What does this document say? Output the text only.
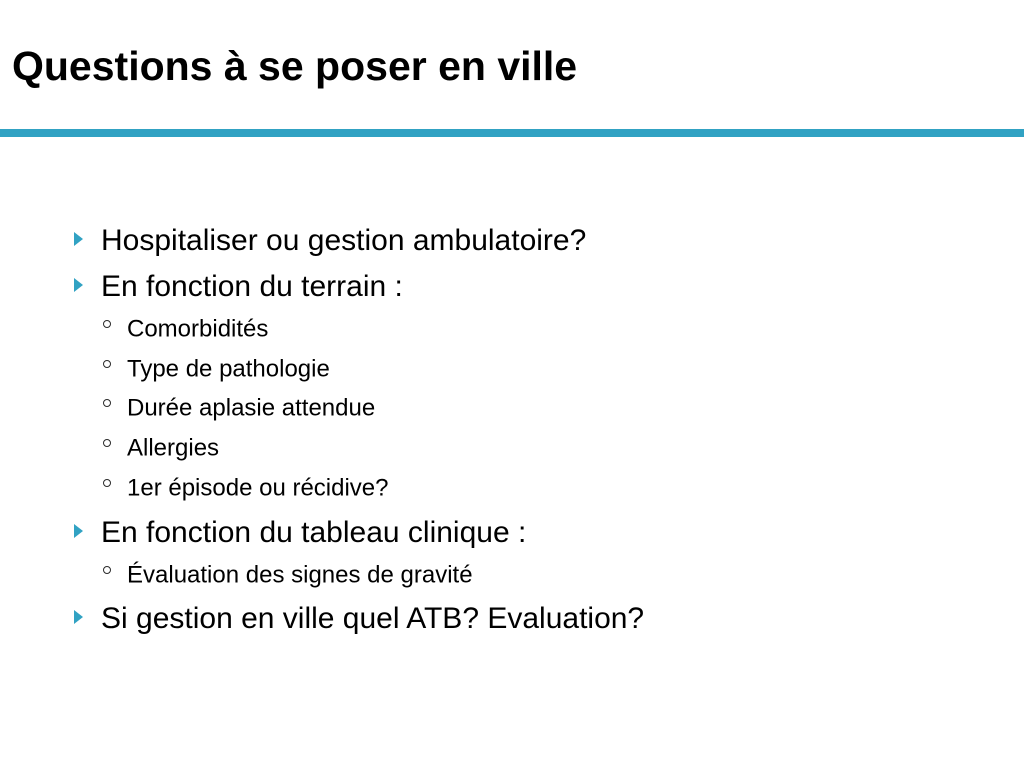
Questions à se poser en ville
Hospitaliser ou gestion ambulatoire?
En fonction du terrain :
Comorbidités
Type de pathologie
Durée aplasie attendue
Allergies
1er épisode ou récidive?
En fonction du tableau clinique :
Évaluation des signes de gravité
Si gestion en ville quel ATB? Evaluation?
